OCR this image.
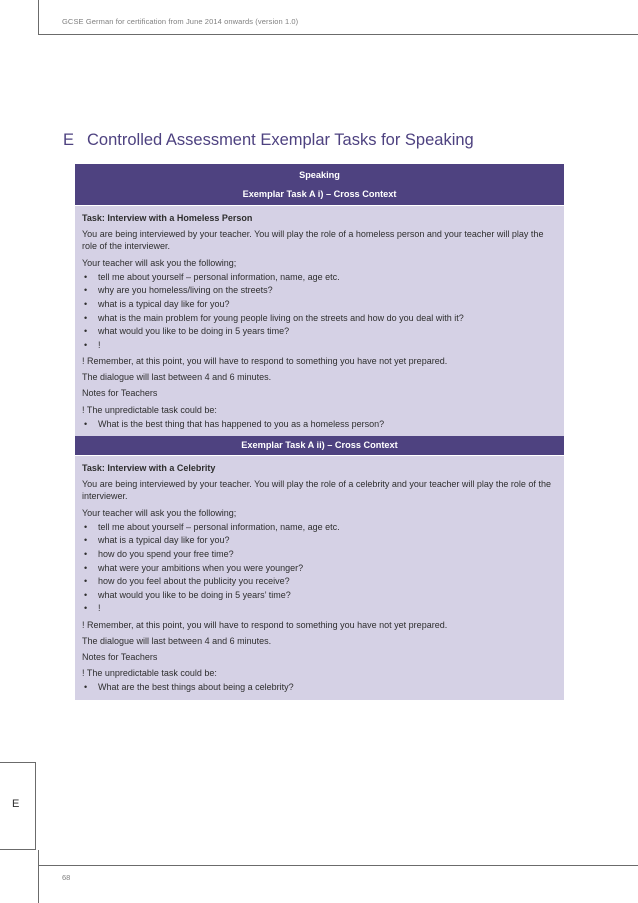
GCSE German for certification from June 2014 onwards (version 1.0)
E Controlled Assessment Exemplar Tasks for Speaking
Speaking
Exemplar Task A i) – Cross Context
Task: Interview with a Homeless Person

You are being interviewed by your teacher. You will play the role of a homeless person and your teacher will play the role of the interviewer.

Your teacher will ask you the following;

• tell me about yourself – personal information, name, age etc.
• why are you homeless/living on the streets?
• what is a typical day like for you?
• what is the main problem for young people living on the streets and how do you deal with it?
• what would you like to be doing in 5 years time?
• !

! Remember, at this point, you will have to respond to something you have not yet prepared.

The dialogue will last between 4 and 6 minutes.

Notes for Teachers

! The unpredictable task could be:

• What is the best thing that has happened to you as a homeless person?
Exemplar Task A ii) – Cross Context
Task: Interview with a Celebrity

You are being interviewed by your teacher. You will play the role of a celebrity and your teacher will play the role of the interviewer.

Your teacher will ask you the following;

• tell me about yourself – personal information, name, age etc.
• what is a typical day like for you?
• how do you spend your free time?
• what were your ambitions when you were younger?
• how do you feel about the publicity you receive?
• what would you like to be doing in 5 years’ time?
• !

! Remember, at this point, you will have to respond to something you have not yet prepared.

The dialogue will last between 4 and 6 minutes.

Notes for Teachers

! The unpredictable task could be:

• What are the best things about being a celebrity?
E
68
